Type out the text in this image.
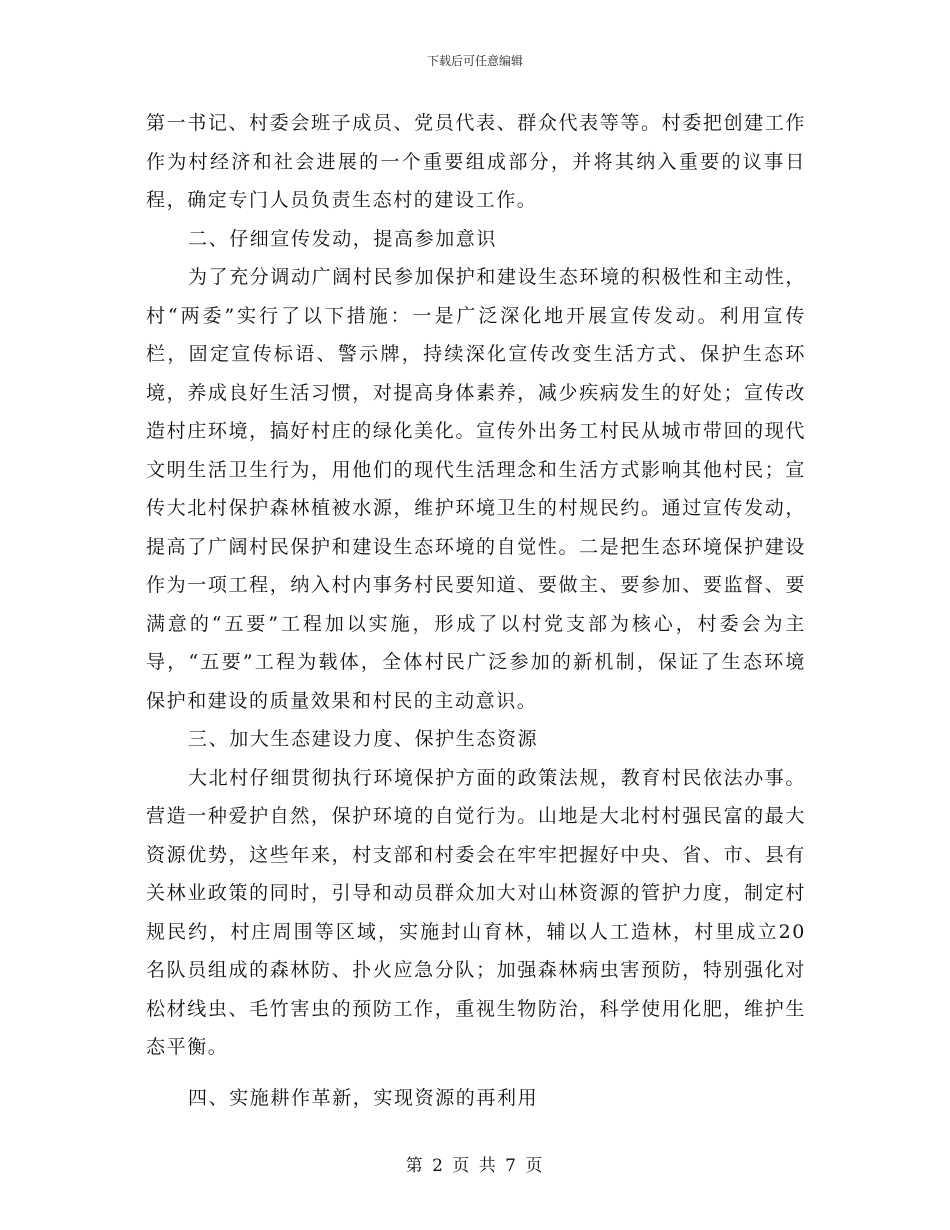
下载后可任意编辑

第一书记、村委会班子成员、党员代表、群众代表等等。村委把创建工作作为村经济和社会进展的一个重要组成部分，并将其纳入重要的议事日程，确定专门人员负责生态村的建设工作。

二、仔细宣传发动，提高参加意识

为了充分调动广阔村民参加保护和建设生态环境的积极性和主动性，村“两委”实行了以下措施：一是广泛深化地开展宣传发动。利用宣传栏，固定宣传标语、警示牌，持续深化宣传改变生活方式、保护生态环境，养成良好生活习惯，对提高身体素养，减少疾病发生的好处；宣传改造村庄环境，搞好村庄的绿化美化。宣传外出务工村民从城市带回的现代文明生活卫生行为，用他们的现代生活理念和生活方式影响其他村民；宣传大北村保护森林植被水源，维护环境卫生的村规民约。通过宣传发动，提高了广阔村民保护和建设生态环境的自觉性。二是把生态环境保护建设作为一项工程，纳入村内事务村民要知道、要做主、要参加、要监督、要满意的“五要”工程加以实施，形成了以村党支部为核心，村委会为主导，“五要”工程为载体，全体村民广泛参加的新机制，保证了生态环境保护和建设的质量效果和村民的主动意识。

三、加大生态建设力度、保护生态资源

大北村仔细贯彻执行环境保护方面的政策法规，教育村民依法办事。营造一种爱护自然，保护环境的自觉行为。山地是大北村村强民富的最大资源优势，这些年来，村支部和村委会在牢牢把握好中央、省、市、县有关林业政策的同时，引导和动员群众加大对山林资源的管护力度，制定村规民约，村庄周围等区域，实施封山育林，辅以人工造林，村里成立20名队员组成的森林防、扑火应急分队；加强森林病虫害预防，特别强化对松材线虫、毛竹害虫的预防工作，重视生物防治，科学使用化肥，维护生态平衡。

四、实施耕作革新，实现资源的再利用

第 2 页 共 7 页
